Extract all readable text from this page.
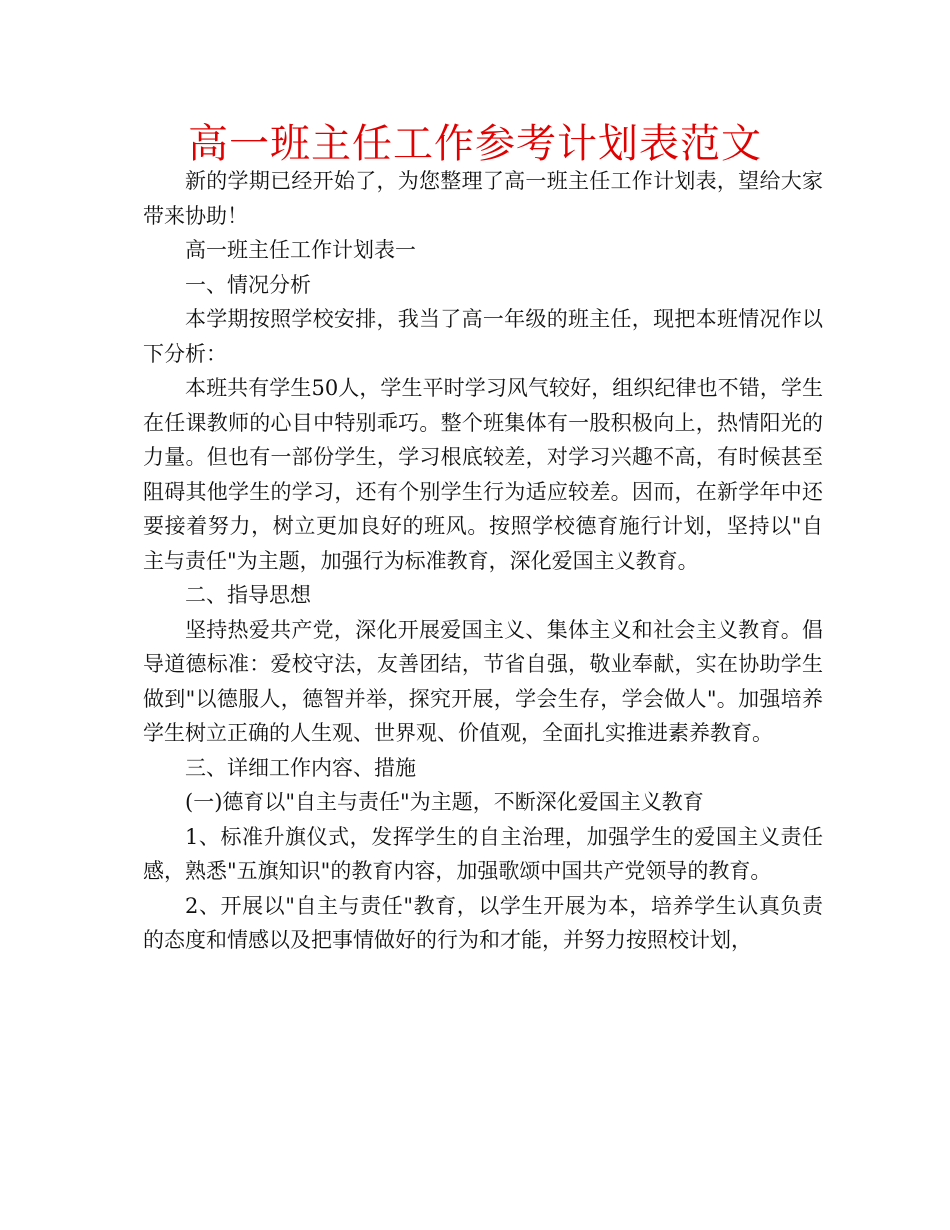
高一班主任工作参考计划表范文

新的学期已经开始了，为您整理了高一班主任工作计划表，望给大家带来协助！

高一班主任工作计划表一

一、情况分析

本学期按照学校安排，我当了高一年级的班主任，现把本班情况作以下分析：

本班共有学生50人，学生平时学习风气较好，组织纪律也不错，学生在任课教师的心目中特别乖巧。整个班集体有一股积极向上，热情阳光的力量。但也有一部份学生，学习根底较差，对学习兴趣不高，有时候甚至阻碍其他学生的学习，还有个别学生行为适应较差。因而，在新学年中还要接着努力，树立更加良好的班风。按照学校德育施行计划，坚持以"自主与责任"为主题，加强行为标准教育，深化爱国主义教育。

二、指导思想

坚持热爱共产党，深化开展爱国主义、集体主义和社会主义教育。倡导道德标准：爱校守法，友善团结，节省自强，敬业奉献，实在协助学生做到"以德服人，德智并举，探究开展，学会生存，学会做人"。加强培养学生树立正确的人生观、世界观、价值观，全面扎实推进素养教育。

三、详细工作内容、措施

(一)德育以"自主与责任"为主题，不断深化爱国主义教育

1、标准升旗仪式，发挥学生的自主治理，加强学生的爱国主义责任感，熟悉"五旗知识"的教育内容，加强歌颂中国共产党领导的教育。

2、开展以"自主与责任"教育，以学生开展为本，培养学生认真负责的态度和情感以及把事情做好的行为和才能，并努力按照校计划，
